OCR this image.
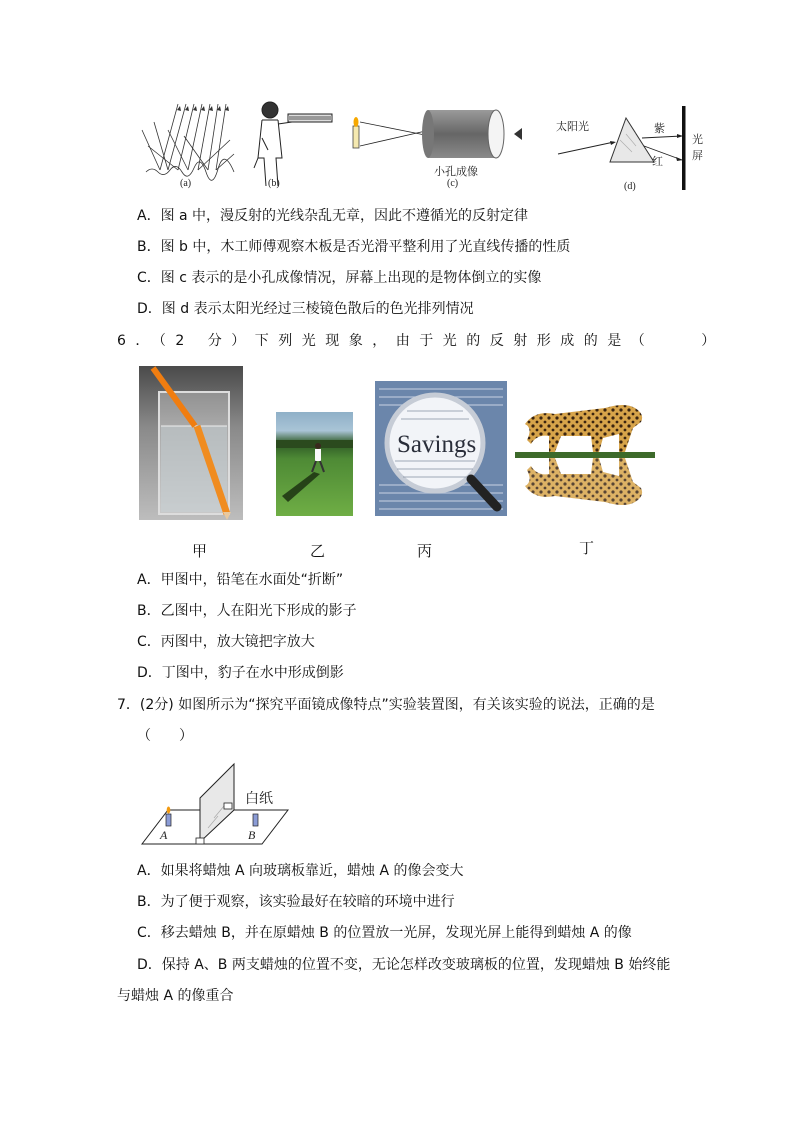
(a)	(b)
小孔成像
(c)
太阳光	紫
红
光
屏
(d)
A．图 a 中，漫反射的光线杂乱无章，因此不遵循光的反射定律
B．图 b 中，木工师傅观察木板是否光滑平整利用了光直线传播的性质
C．图 c 表示的是小孔成像情况，屏幕上出现的是物体倒立的实像
D．图 d 表示太阳光经过三棱镜色散后的色光排列情况
6．（2 分）下列光现象，由于光的反射形成的是（　　）
甲	乙
Savings
丙	丁
A．甲图中，铅笔在水面处“折断”
B．乙图中，人在阳光下形成的影子
C．丙图中，放大镜把字放大
D．丁图中，豹子在水中形成倒影
7．(2分) 如图所示为“探究平面镜成像特点”实验装置图，有关该实验的说法，正确的是
（　　）
白纸
A	B
A．如果将蜡烛 A 向玻璃板靠近，蜡烛 A 的像会变大
B．为了便于观察，该实验最好在较暗的环境中进行
C．移去蜡烛 B，并在原蜡烛 B 的位置放一光屏，发现光屏上能得到蜡烛 A 的像
D．保持 A、B 两支蜡烛的位置不变，无论怎样改变玻璃板的位置，发现蜡烛 B 始终能
与蜡烛 A 的像重合
